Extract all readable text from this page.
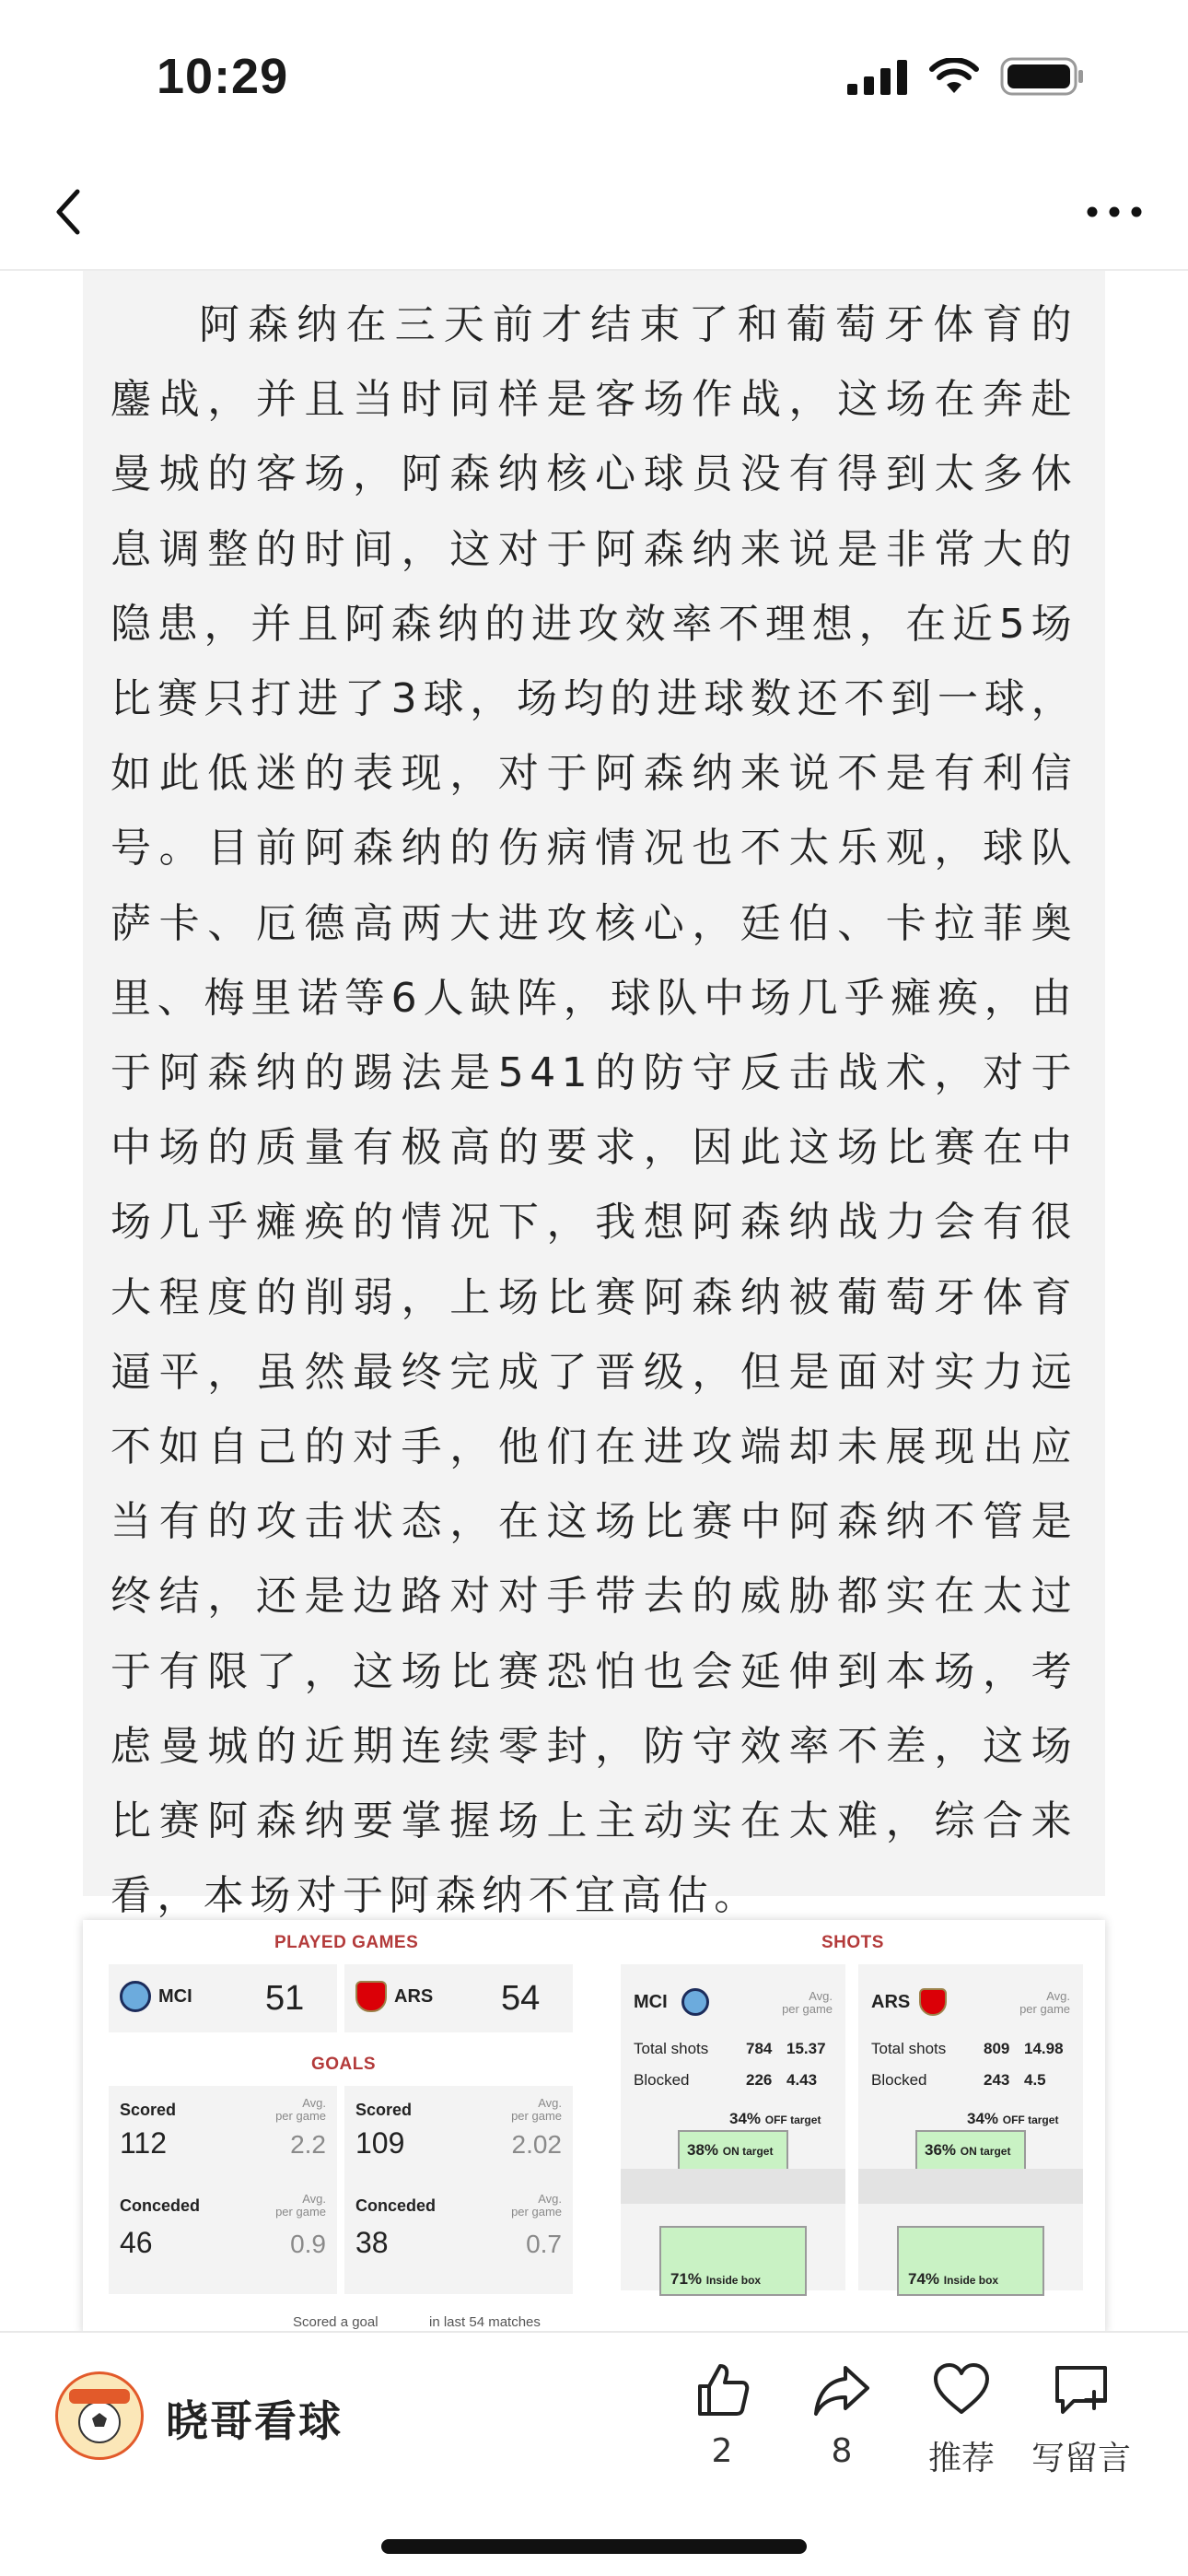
10:29

阿森纳在三天前才结束了和葡萄牙体育的鏖战，并且当时同样是客场作战，这场在奔赴曼城的客场，阿森纳核心球员没有得到太多休息调整的时间，这对于阿森纳来说是非常大的隐患，并且阿森纳的进攻效率不理想，在近5场比赛只打进了3球，场均的进球数还不到一球，如此低迷的表现，对于阿森纳来说不是有利信号。目前阿森纳的伤病情况也不太乐观，球队萨卡、厄德高两大进攻核心，廷伯、卡拉菲奥里、梅里诺等6人缺阵，球队中场几乎瘫痪，由于阿森纳的踢法是541的防守反击战术，对于中场的质量有极高的要求，因此这场比赛在中场几乎瘫痪的情况下，我想阿森纳战力会有很大程度的削弱，上场比赛阿森纳被葡萄牙体育逼平，虽然最终完成了晋级，但是面对实力远不如自己的对手，他们在进攻端却未展现出应当有的攻击状态，在这场比赛中阿森纳不管是终结，还是边路对对手带去的威胁都实在太过于有限了，这场比赛恐怕也会延伸到本场，考虑曼城的近期连续零封，防守效率不差，这场比赛阿森纳要掌握场上主动实在太难，综合来看，本场对于阿森纳不宜高估。

PLAYED GAMES
MCI 51	ARS 54
GOALS
Scored	Avg.
per game
112	2.2
Conceded	Avg.
per game
46	0.9
Scored	Avg.
per game
109	2.02
Conceded	Avg.
per game
38	0.7
Scored a goal	in last 54 matches
SHOTS
MCI	Avg.
per game
Total shots 784 15.37
Blocked	226 4.43
34% OFF target
38% ON target
71% Inside box
ARS	Avg.
per game
Total shots 809 14.98
Blocked	243 4.5
34% OFF target
36% ON target
74% Inside box
晓哥看球
2	8	推荐	写留言
